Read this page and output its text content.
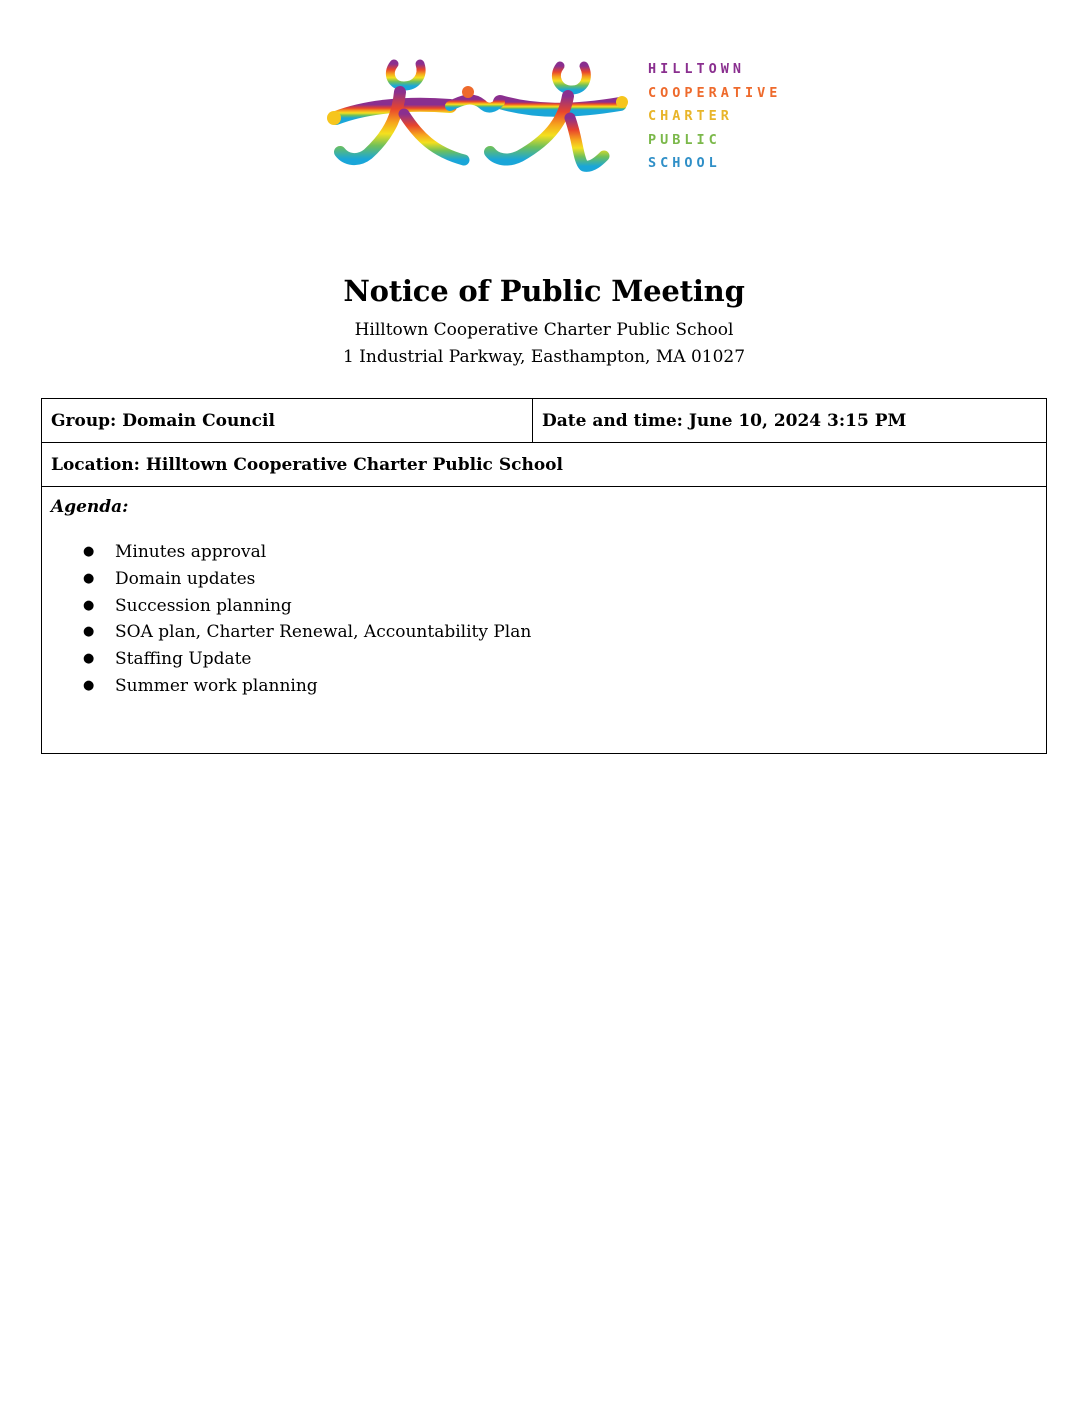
HILLTOWN
COOPERATIVE
CHARTER
PUBLIC
SCHOOL
Notice of Public Meeting
Hilltown Cooperative Charter Public School
1 Industrial Parkway, Easthampton, MA 01027
Group: Domain Council	Date and time: June 10, 2024 3:15 PM
Location: Hilltown Cooperative Charter Public School

Agenda:
● Minutes approval
● Domain updates
● Succession planning
● SOA plan, Charter Renewal, Accountability Plan
● Staffing Update
● Summer work planning
